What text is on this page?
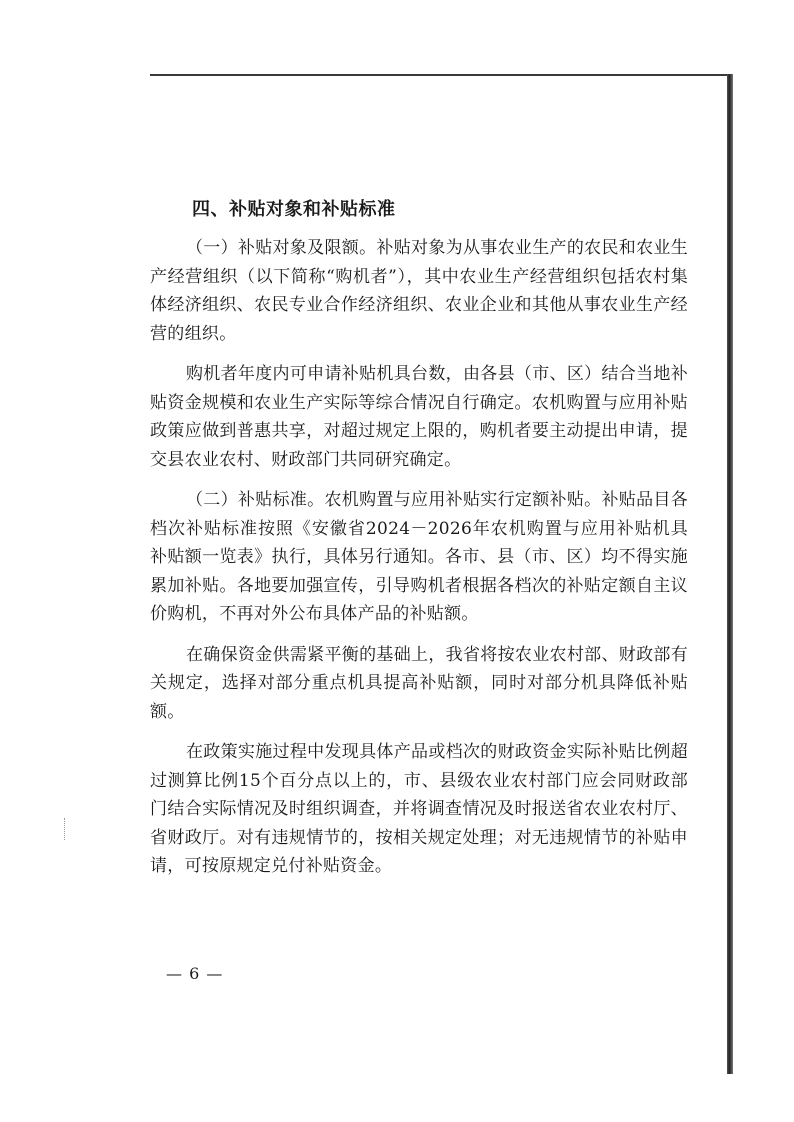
四、补贴对象和补贴标准

（一）补贴对象及限额。补贴对象为从事农业生产的农民和农业生产经营组织（以下简称“购机者”），其中农业生产经营组织包括农村集体经济组织、农民专业合作经济组织、农业企业和其他从事农业生产经营的组织。

购机者年度内可申请补贴机具台数，由各县（市、区）结合当地补贴资金规模和农业生产实际等综合情况自行确定。农机购置与应用补贴政策应做到普惠共享，对超过规定上限的，购机者要主动提出申请，提交县农业农村、财政部门共同研究确定。

（二）补贴标准。农机购置与应用补贴实行定额补贴。补贴品目各档次补贴标准按照《安徽省2024－2026年农机购置与应用补贴机具补贴额一览表》执行，具体另行通知。各市、县（市、区）均不得实施累加补贴。各地要加强宣传，引导购机者根据各档次的补贴定额自主议价购机，不再对外公布具体产品的补贴额。

在确保资金供需紧平衡的基础上，我省将按农业农村部、财政部有关规定，选择对部分重点机具提高补贴额，同时对部分机具降低补贴额。

在政策实施过程中发现具体产品或档次的财政资金实际补贴比例超过测算比例15个百分点以上的，市、县级农业农村部门应会同财政部门结合实际情况及时组织调查，并将调查情况及时报送省农业农村厅、省财政厅。对有违规情节的，按相关规定处理；对无违规情节的补贴申请，可按原规定兑付补贴资金。

— 6 —
